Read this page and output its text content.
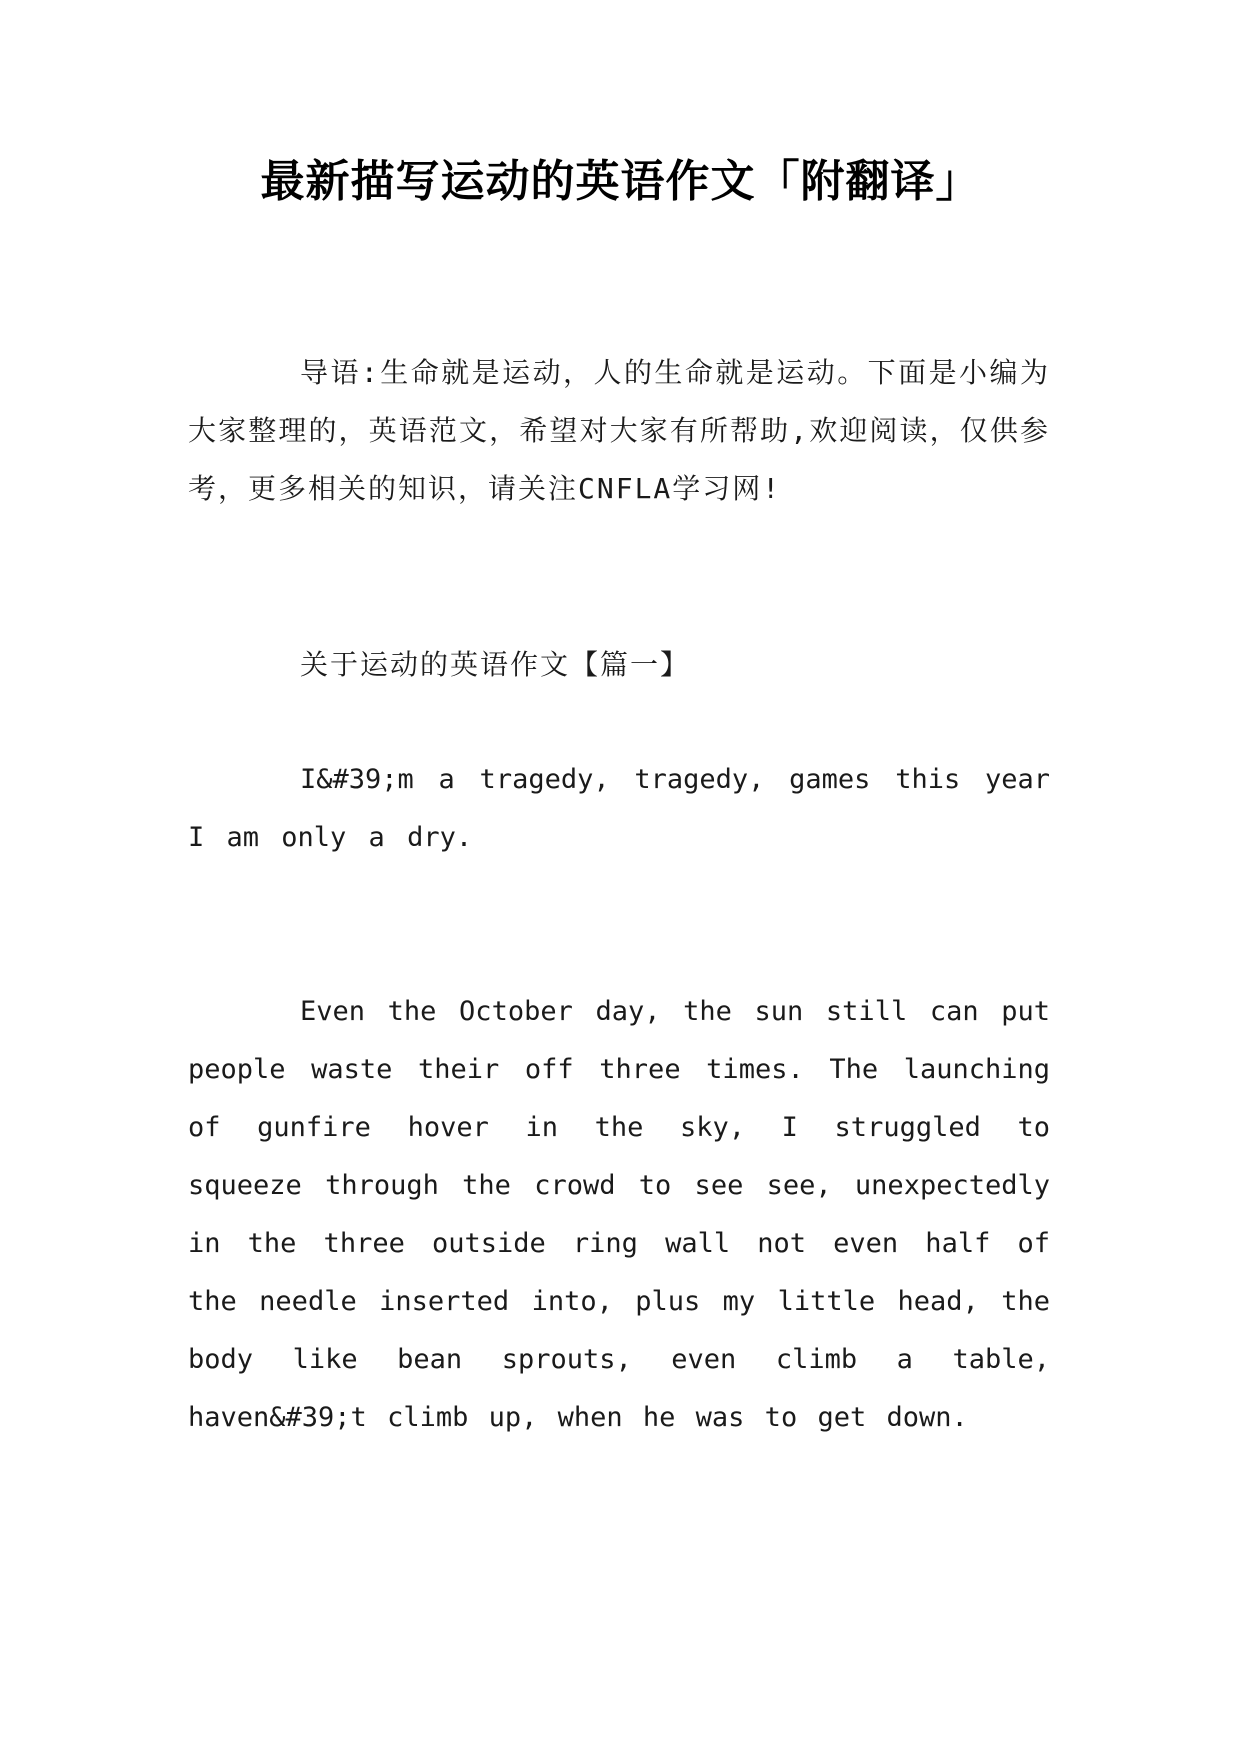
最新描写运动的英语作文「附翻译」

导语:生命就是运动，人的生命就是运动。下面是小编为大家整理的，英语范文，希望对大家有所帮助,欢迎阅读，仅供参考，更多相关的知识，请关注CNFLA学习网!

关于运动的英语作文【篇一】

I&#39;m a tragedy, tragedy, games this year I am only a dry.

Even the October day, the sun still can put people waste their off three times. The launching of gunfire hover in the sky, I struggled to squeeze through the crowd to see see, unexpectedly in the three outside ring wall not even half of the needle inserted into, plus my little head, the body like bean sprouts, even climb a table, haven&#39;t climb up, when he was to get down.
